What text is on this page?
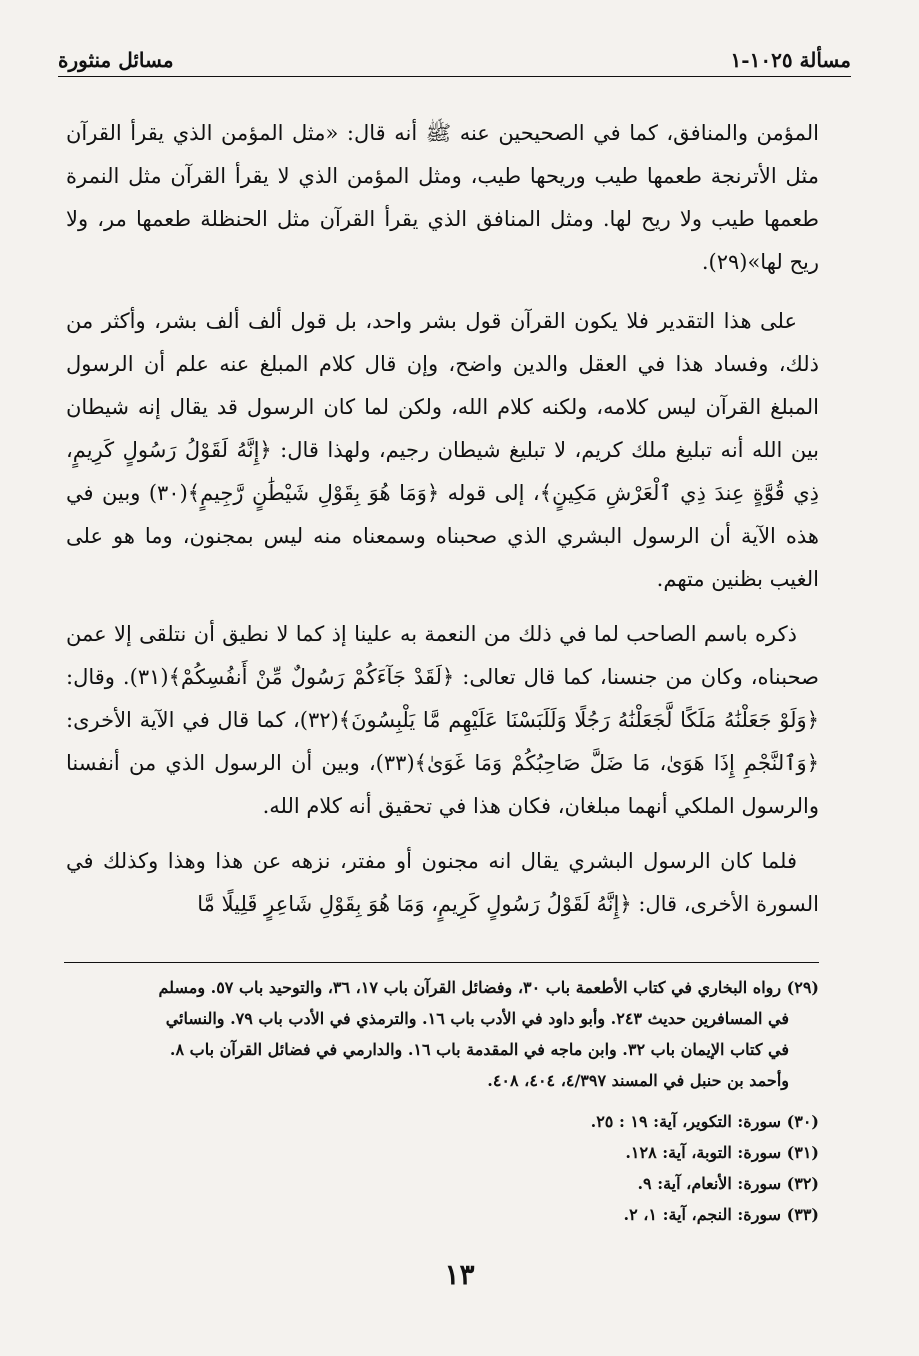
مسألة ١٠٢٥-١
مسائل منثورة

المؤمن والمنافق، كما في الصحيحين عنه ﷺ أنه قال: «مثل المؤمن الذي يقرأ القرآن مثل الأترنجة طعمها طيب وريحها طيب، ومثل المؤمن الذي لا يقرأ القرآن مثل النمرة طعمها طيب ولا ريح لها. ومثل المنافق الذي يقرأ القرآن مثل الحنظلة طعمها مر، ولا ريح لها»(٢٩).

على هذا التقدير فلا يكون القرآن قول بشر واحد، بل قول ألف ألف بشر، وأكثر من ذلك، وفساد هذا في العقل والدين واضح، وإن قال كلام المبلغ عنه علم أن الرسول المبلغ القرآن ليس كلامه، ولكنه كلام الله، ولكن لما كان الرسول قد يقال إنه شيطان بين الله أنه تبليغ ملك كريم، لا تبليغ شيطان رجيم، ولهذا قال: ﴿إِنَّهُ لَقَوْلُ رَسُولٍ كَرِيمٍ، ذِي قُوَّةٍ عِندَ ذِي ٱلْعَرْشِ مَكِينٍ﴾، إلى قوله ﴿وَمَا هُوَ بِقَوْلِ شَيْطَٰنٍ رَّجِيمٍ﴾(٣٠) وبين في هذه الآية أن الرسول البشري الذي صحبناه وسمعناه منه ليس بمجنون، وما هو على الغيب بظنين متهم.

ذكره باسم الصاحب لما في ذلك من النعمة به علينا إذ كما لا نطيق أن نتلقى إلا عمن صحبناه، وكان من جنسنا، كما قال تعالى: ﴿لَقَدْ جَآءَكُمْ رَسُولٌ مِّنْ أَنفُسِكُمْ﴾(٣١). وقال: ﴿وَلَوْ جَعَلْنَٰهُ مَلَكًا لَّجَعَلْنَٰهُ رَجُلًا وَلَلَبَسْنَا عَلَيْهِم مَّا يَلْبِسُونَ﴾(٣٢)، كما قال في الآية الأخرى: ﴿وَٱلنَّجْمِ إِذَا هَوَىٰ، مَا ضَلَّ صَاحِبُكُمْ وَمَا غَوَىٰ﴾(٣٣)، وبين أن الرسول الذي من أنفسنا والرسول الملكي أنهما مبلغان، فكان هذا في تحقيق أنه كلام الله.

فلما كان الرسول البشري يقال انه مجنون أو مفتر، نزهه عن هذا وهذا وكذلك في السورة الأخرى، قال: ﴿إِنَّهُ لَقَوْلُ رَسُولٍ كَرِيمٍ، وَمَا هُوَ بِقَوْلِ شَاعِرٍ قَلِيلًا مَّا

(٢٩) رواه البخاري في كتاب الأطعمة باب ٣٠، وفضائل القرآن باب ١٧، ٣٦، والتوحيد باب ٥٧. ومسلم

في المسافرين حديث ٢٤٣. وأبو داود في الأدب باب ١٦. والترمذي في الأدب باب ٧٩. والنسائي

في كتاب الإيمان باب ٣٢. وابن ماجه في المقدمة باب ١٦. والدارمي في فضائل القرآن باب ٨.

وأحمد بن حنبل في المسند ٤/٣٩٧، ٤٠٤، ٤٠٨.

(٣٠) سورة: التكوير، آية: ١٩ : ٢٥.

(٣١) سورة: التوبة، آية: ١٢٨.

(٣٢) سورة: الأنعام، آية: ٩.

(٣٣) سورة: النجم، آية: ١، ٢.

١٣
